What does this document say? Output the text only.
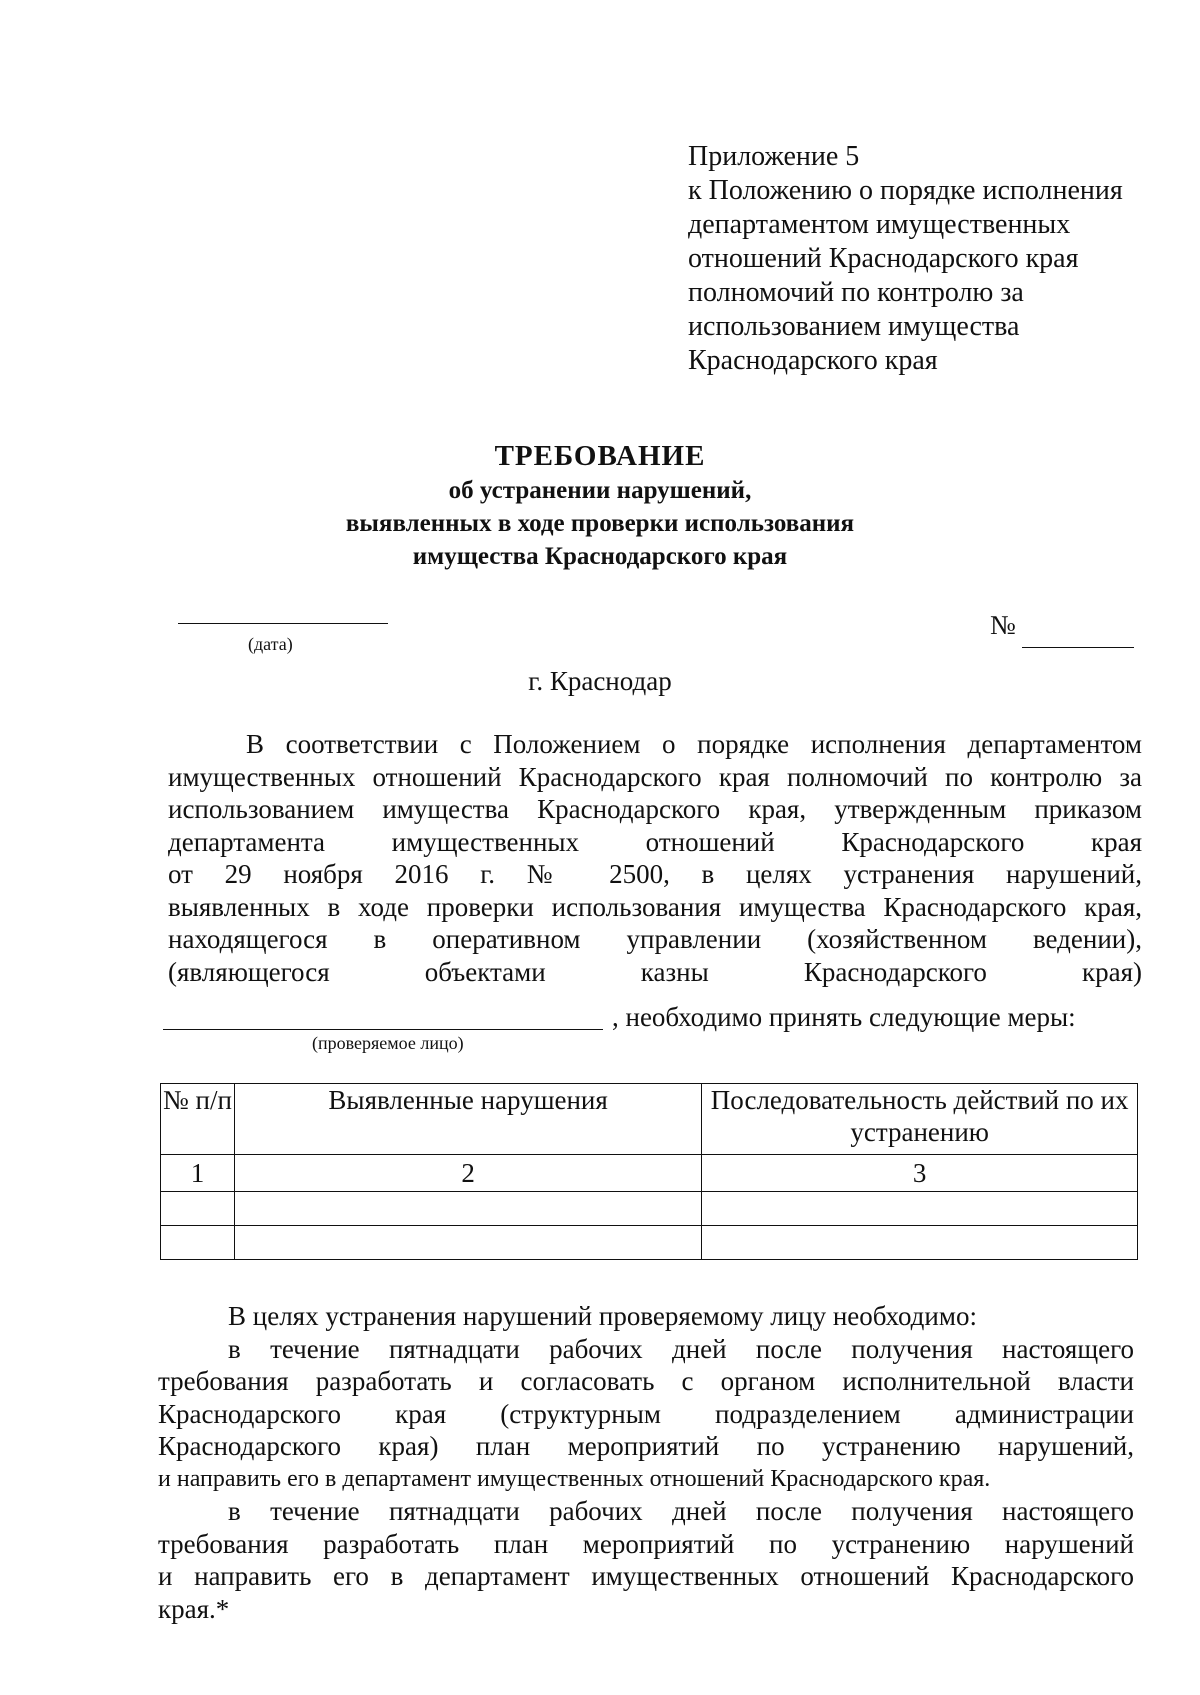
Приложение 5
к Положению о порядке исполнения
департаментом имущественных
отношений Краснодарского края
полномочий по контролю за
использованием имущества
Краснодарского края
ТРЕБОВАНИЕ
об устранении нарушений,
выявленных в ходе проверки использования
имущества Краснодарского края
(дата)
№
г. Краснодар
В соответствии с Положением о порядке исполнения департаментом
имущественных отношений Краснодарского края полномочий по контролю за
использованием имущества Краснодарского края, утвержденным приказом
департамента имущественных отношений Краснодарского края
от 29 ноября 2016 г. № 2500, в целях устранения нарушений,
выявленных в ходе проверки использования имущества Краснодарского края,
находящегося в оперативном управлении (хозяйственном ведении),
(являющегося объектами казны Краснодарского края)
, необходимо принять следующие меры:
(проверяемое лицо)
№ п/п	Выявленные нарушения	Последовательность действий по их устранению
1	2	3

В целях устранения нарушений проверяемому лицу необходимо:
в течение пятнадцати рабочих дней после получения настоящего
требования разработать и согласовать с органом исполнительной власти
Краснодарского края (структурным подразделением администрации
Краснодарского края) план мероприятий по устранению нарушений,
и направить его в департамент имущественных отношений Краснодарского края.
в течение пятнадцати рабочих дней после получения настоящего
требования разработать план мероприятий по устранению нарушений
и направить его в департамент имущественных отношений Краснодарского
края.*
